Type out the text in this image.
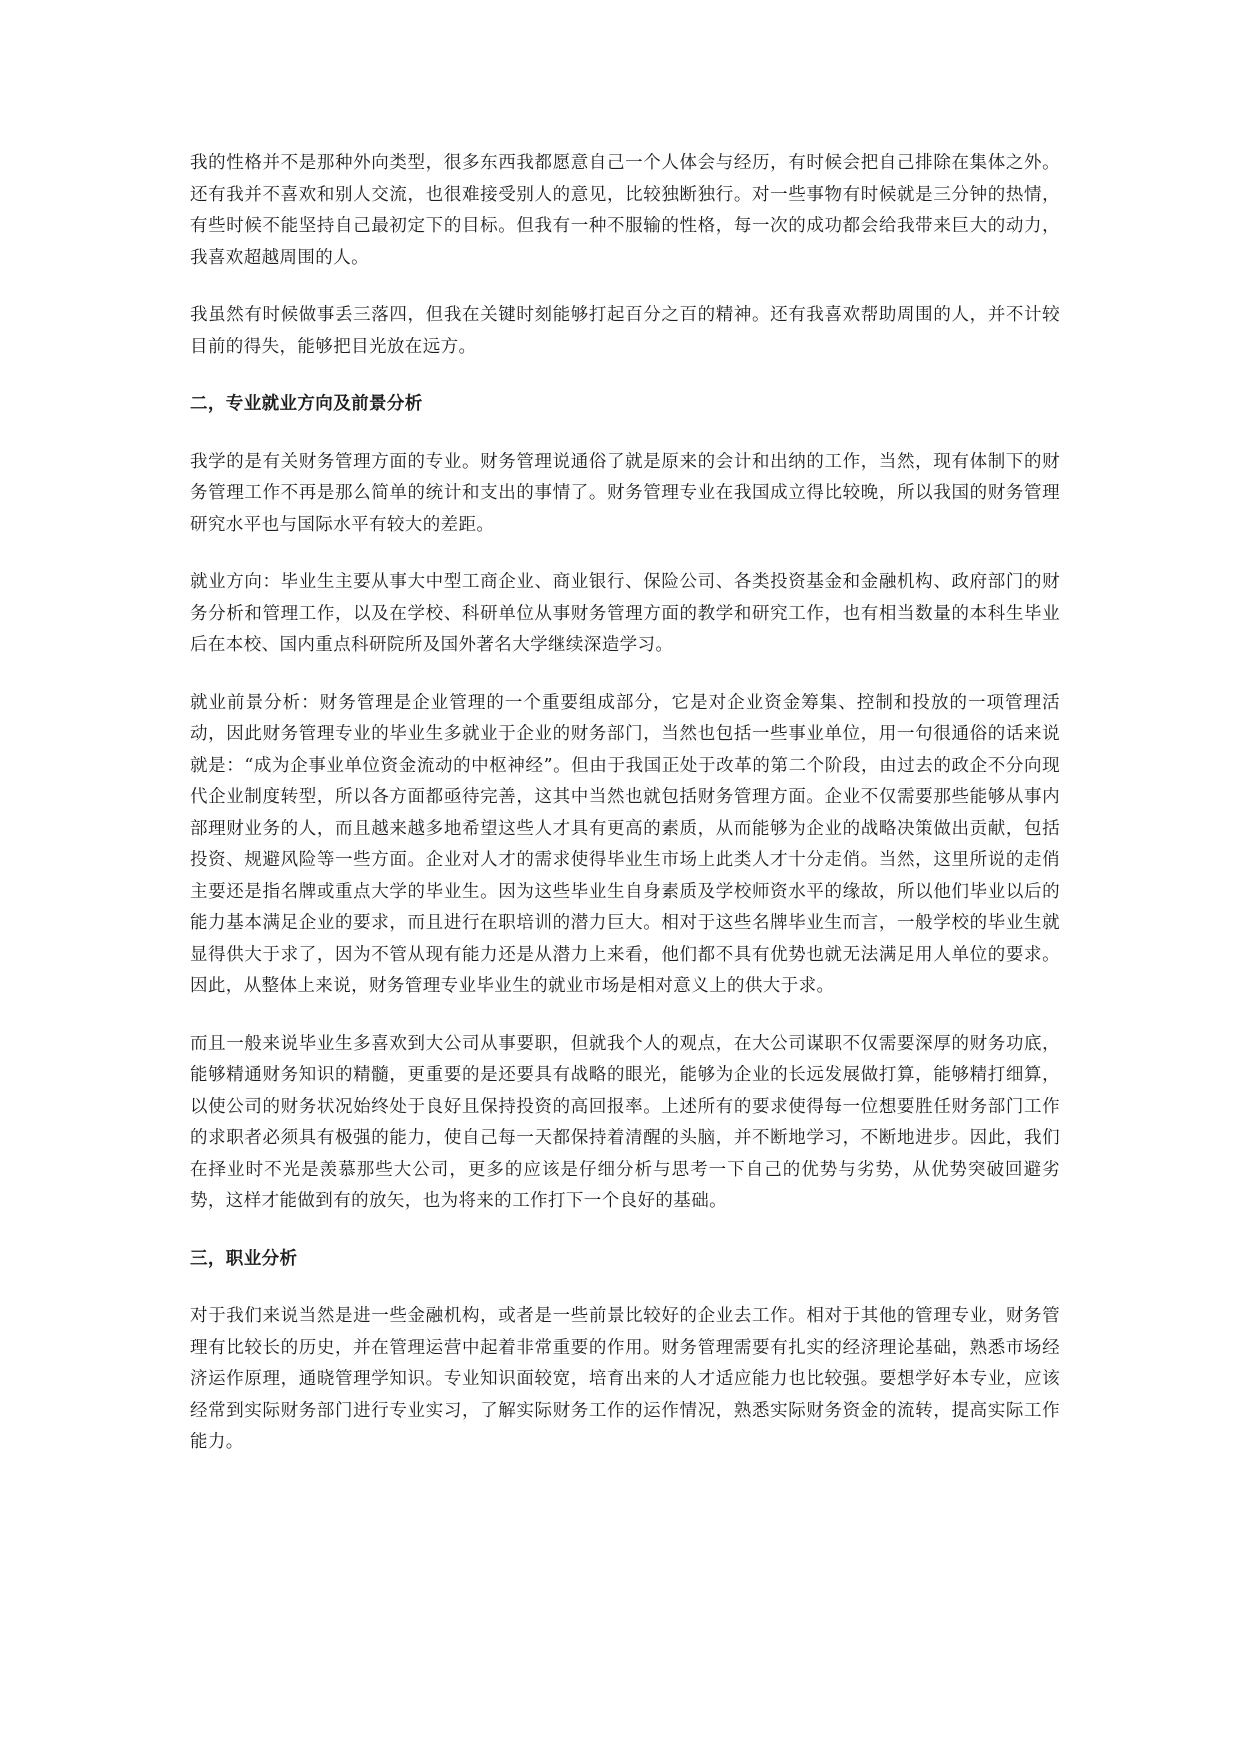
我的性格并不是那种外向类型，很多东西我都愿意自己一个人体会与经历，有时候会把自己排除在集体之外。还有我并不喜欢和别人交流，也很难接受别人的意见，比较独断独行。对一些事物有时候就是三分钟的热情，有些时候不能坚持自己最初定下的目标。但我有一种不服输的性格，每一次的成功都会给我带来巨大的动力，我喜欢超越周围的人。

我虽然有时候做事丢三落四，但我在关键时刻能够打起百分之百的精神。还有我喜欢帮助周围的人，并不计较目前的得失，能够把目光放在远方。

二，专业就业方向及前景分析

我学的是有关财务管理方面的专业。财务管理说通俗了就是原来的会计和出纳的工作，当然，现有体制下的财务管理工作不再是那么简单的统计和支出的事情了。财务管理专业在我国成立得比较晚，所以我国的财务管理研究水平也与国际水平有较大的差距。

就业方向：毕业生主要从事大中型工商企业、商业银行、保险公司、各类投资基金和金融机构、政府部门的财务分析和管理工作，以及在学校、科研单位从事财务管理方面的教学和研究工作，也有相当数量的本科生毕业后在本校、国内重点科研院所及国外著名大学继续深造学习。

就业前景分析：财务管理是企业管理的一个重要组成部分，它是对企业资金筹集、控制和投放的一项管理活动，因此财务管理专业的毕业生多就业于企业的财务部门，当然也包括一些事业单位，用一句很通俗的话来说就是：“成为企事业单位资金流动的中枢神经”。但由于我国正处于改革的第二个阶段，由过去的政企不分向现代企业制度转型，所以各方面都亟待完善，这其中当然也就包括财务管理方面。企业不仅需要那些能够从事内部理财业务的人，而且越来越多地希望这些人才具有更高的素质，从而能够为企业的战略决策做出贡献，包括投资、规避风险等一些方面。企业对人才的需求使得毕业生市场上此类人才十分走俏。当然，这里所说的走俏主要还是指名牌或重点大学的毕业生。因为这些毕业生自身素质及学校师资水平的缘故，所以他们毕业以后的能力基本满足企业的要求，而且进行在职培训的潜力巨大。相对于这些名牌毕业生而言，一般学校的毕业生就显得供大于求了，因为不管从现有能力还是从潜力上来看，他们都不具有优势也就无法满足用人单位的要求。因此，从整体上来说，财务管理专业毕业生的就业市场是相对意义上的供大于求。

而且一般来说毕业生多喜欢到大公司从事要职，但就我个人的观点，在大公司谋职不仅需要深厚的财务功底，能够精通财务知识的精髓，更重要的是还要具有战略的眼光，能够为企业的长远发展做打算，能够精打细算，以使公司的财务状况始终处于良好且保持投资的高回报率。上述所有的要求使得每一位想要胜任财务部门工作的求职者必须具有极强的能力，使自己每一天都保持着清醒的头脑，并不断地学习，不断地进步。因此，我们在择业时不光是羡慕那些大公司，更多的应该是仔细分析与思考一下自己的优势与劣势，从优势突破回避劣势，这样才能做到有的放矢，也为将来的工作打下一个良好的基础。

三，职业分析

对于我们来说当然是进一些金融机构，或者是一些前景比较好的企业去工作。相对于其他的管理专业，财务管理有比较长的历史，并在管理运营中起着非常重要的作用。财务管理需要有扎实的经济理论基础，熟悉市场经济运作原理，通晓管理学知识。专业知识面较宽，培育出来的人才适应能力也比较强。要想学好本专业，应该经常到实际财务部门进行专业实习，了解实际财务工作的运作情况，熟悉实际财务资金的流转，提高实际工作能力。
